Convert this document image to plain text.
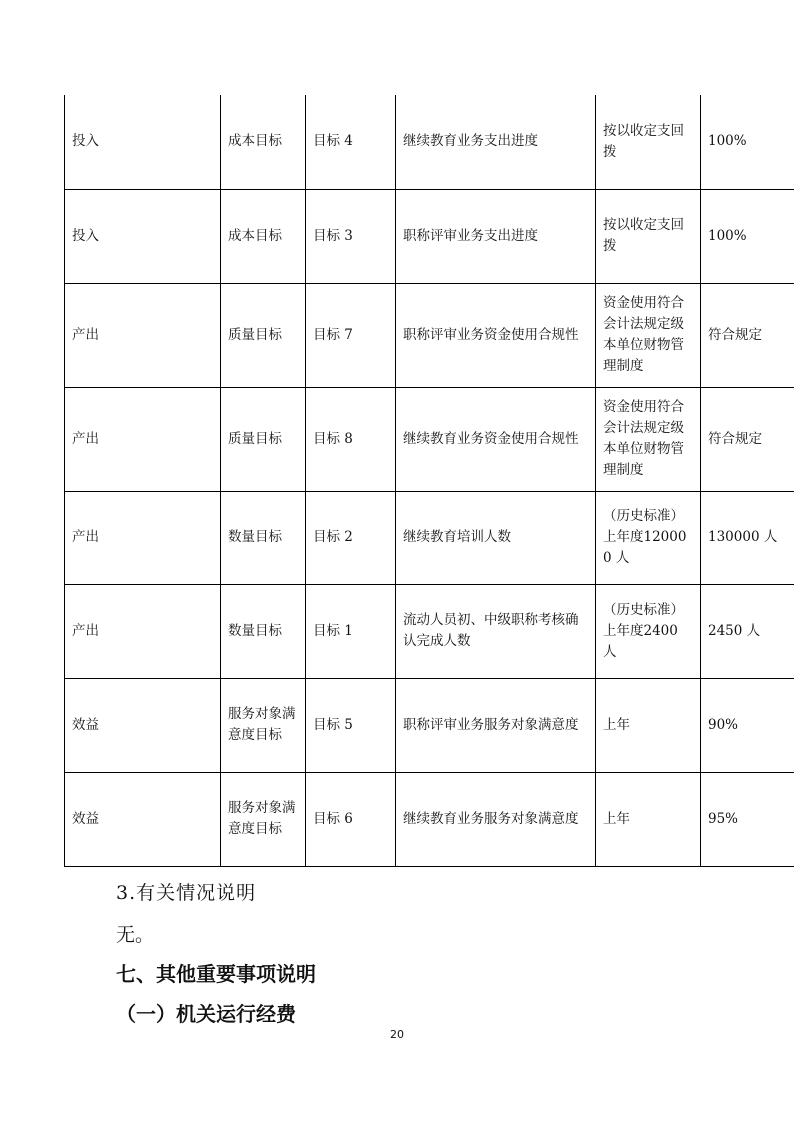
投入	成本目标	目标 4	继续教育业务支出进度	按以收定支回拨	100%
投入	成本目标	目标 3	职称评审业务支出进度	按以收定支回拨	100%
产出	质量目标	目标 7	职称评审业务资金使用合规性	资金使用符合会计法规定级本单位财物管理制度	符合规定
产出	质量目标	目标 8	继续教育业务资金使用合规性	资金使用符合会计法规定级本单位财物管理制度	符合规定
产出	数量目标	目标 2	继续教育培训人数	（历史标准）上年度120000 人	130000 人
产出	数量目标	目标 1	流动人员初、中级职称考核确认完成人数	（历史标准）上年度2400 人	2450 人
效益	服务对象满意度目标	目标 5	职称评审业务服务对象满意度	上年	90%
效益	服务对象满意度目标	目标 6	继续教育业务服务对象满意度	上年	95%
3.有关情况说明
无。
七、其他重要事项说明
（一）机关运行经费
20
